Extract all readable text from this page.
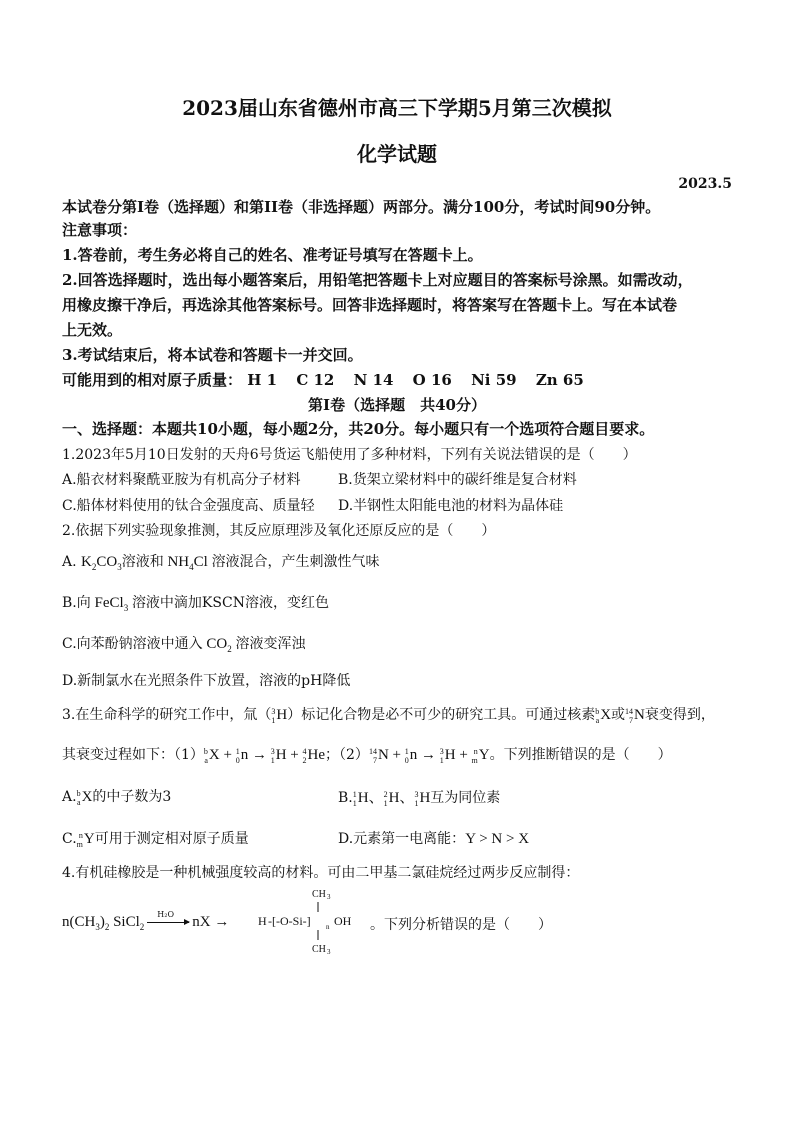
2023届山东省德州市高三下学期5月第三次模拟
化学试题
2023.5
本试卷分第I卷（选择题）和第II卷（非选择题）两部分。满分100分，考试时间90分钟。
注意事项：
1.答卷前，考生务必将自己的姓名、准考证号填写在答题卡上。
2.回答选择题时，选出每小题答案后，用铅笔把答题卡上对应题目的答案标号涂黑。如需改动，
用橡皮擦干净后，再选涂其他答案标号。回答非选择题时，将答案写在答题卡上。写在本试卷
上无效。
3.考试结束后，将本试卷和答题卡一并交回。
可能用到的相对原子质量： H 1 C 12 N 14 O 16 Ni 59 Zn 65
第I卷（选择题　共40分）
一、选择题：本题共10小题，每小题2分，共20分。每小题只有一个选项符合题目要求。
1.2023年5月10日发射的天舟6号货运飞船使用了多种材料，下列有关说法错误的是（　　）
A.船衣材料聚酰亚胺为有机高分子材料	B.货架立梁材料中的碳纤维是复合材料
C.船体材料使用的钛合金强度高、质量轻 D.半钢性太阳能电池的材料为晶体硅
2.依据下列实验现象推测，其反应原理涉及氧化还原反应的是（　　）
A. $K_2CO_3$溶液和 $NH_4Cl$ 溶液混合，产生刺激性气味
B.向 FeCl$_3$ 溶液中滴加KSCN溶液，变红色
C.向苯酚钠溶液中通入 $CO_2$ 溶液变浑浊
D.新制氯水在光照条件下放置，溶液的pH降低
3.在生命科学的研究工作中，氚（ 3
1 H）标记化合物是必不可少的研究工具。可通过核素 b
a X或 14
7 N衰变得到，
其衰变过程如下：（1） b
a X + 1
0 n → 3
1 H + 4
2 He；（2） 14
7 N + 1
0 n → 3
1 H + n
m Y。下列推断错误的是（　　）
A. b
a X的中子数为3	B. 1
1 H、 2
1 H、 3
1 H互为同位素
C. n
m Y可用于测定相对原子质量	D.元素第一电离能：Y > N > X
4.有机硅橡胶是一种机械强度较高的材料。可由二甲基二氯硅烷经过两步反应制得：
$n(CH_3)_2$ SiCl$_2$
H₂O nX →
CH 3
H -[-O-Si-] n OH
CH 3
。下列分析错误的是（　　）
